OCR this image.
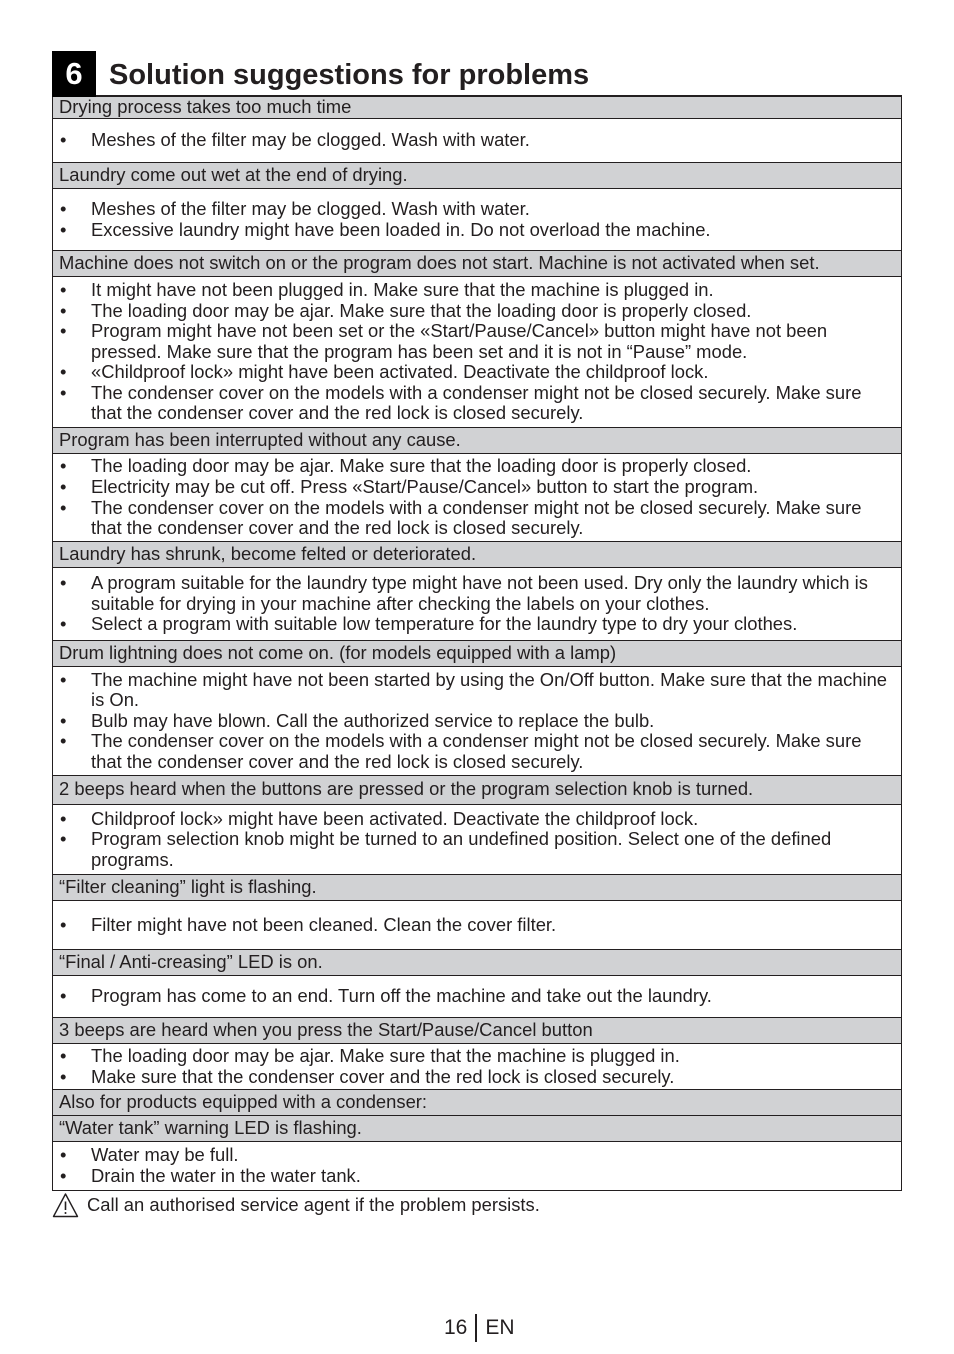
6 Solution suggestions for problems
Drying process takes too much time
• Meshes of the filter may be clogged. Wash with water.
Laundry come out wet at the end of drying.
• Meshes of the filter may be clogged. Wash with water.
• Excessive laundry might have been loaded in. Do not overload the machine.
Machine does not switch on or the program does not start. Machine is not activated when set.
• It might have not been plugged in. Make sure that the machine is plugged in.
• The loading door may be ajar. Make sure that the loading door is properly closed.
• Program might have not been set or the «Start/Pause/Cancel» button might have not been pressed. Make sure that the program has been set and it is not in “Pause” mode.
• «Childproof lock» might have been activated. Deactivate the childproof lock.
• The condenser cover on the models with a condenser might not be closed securely. Make sure that the condenser cover and the red lock is closed securely.
Program has been interrupted without any cause.
• The loading door may be ajar. Make sure that the loading door is properly closed.
• Electricity may be cut off. Press «Start/Pause/Cancel» button to start the program.
• The condenser cover on the models with a condenser might not be closed securely. Make sure that the condenser cover and the red lock is closed securely.
Laundry has shrunk, become felted or deteriorated.
• A program suitable for the laundry type might have not been used. Dry only the laundry which is suitable for drying in your machine after checking the labels on your clothes.
• Select a program with suitable low temperature for the laundry type to dry your clothes.
Drum lightning does not come on. (for models equipped with a lamp)
• The machine might have not been started by using the On/Off button. Make sure that the machine is On.
• Bulb may have blown. Call the authorized service to replace the bulb.
• The condenser cover on the models with a condenser might not be closed securely. Make sure that the condenser cover and the red lock is closed securely.
2 beeps heard when the buttons are pressed or the program selection knob is turned.
• Childproof lock» might have been activated. Deactivate the childproof lock.
• Program selection knob might be turned to an undefined position. Select one of the defined programs.
“Filter cleaning” light is flashing.
• Filter might have not been cleaned. Clean the cover filter.
“Final / Anti-creasing” LED is on.
• Program has come to an end. Turn off the machine and take out the laundry.
3 beeps are heard when you press the Start/Pause/Cancel button
• The loading door may be ajar. Make sure that the machine is plugged in.
• Make sure that the condenser cover and the red lock is closed securely.
Also for products equipped with a condenser:
“Water tank” warning LED is flashing.
• Water may be full.
• Drain the water in the water tank.
Call an authorised service agent if the problem persists.
16 EN
